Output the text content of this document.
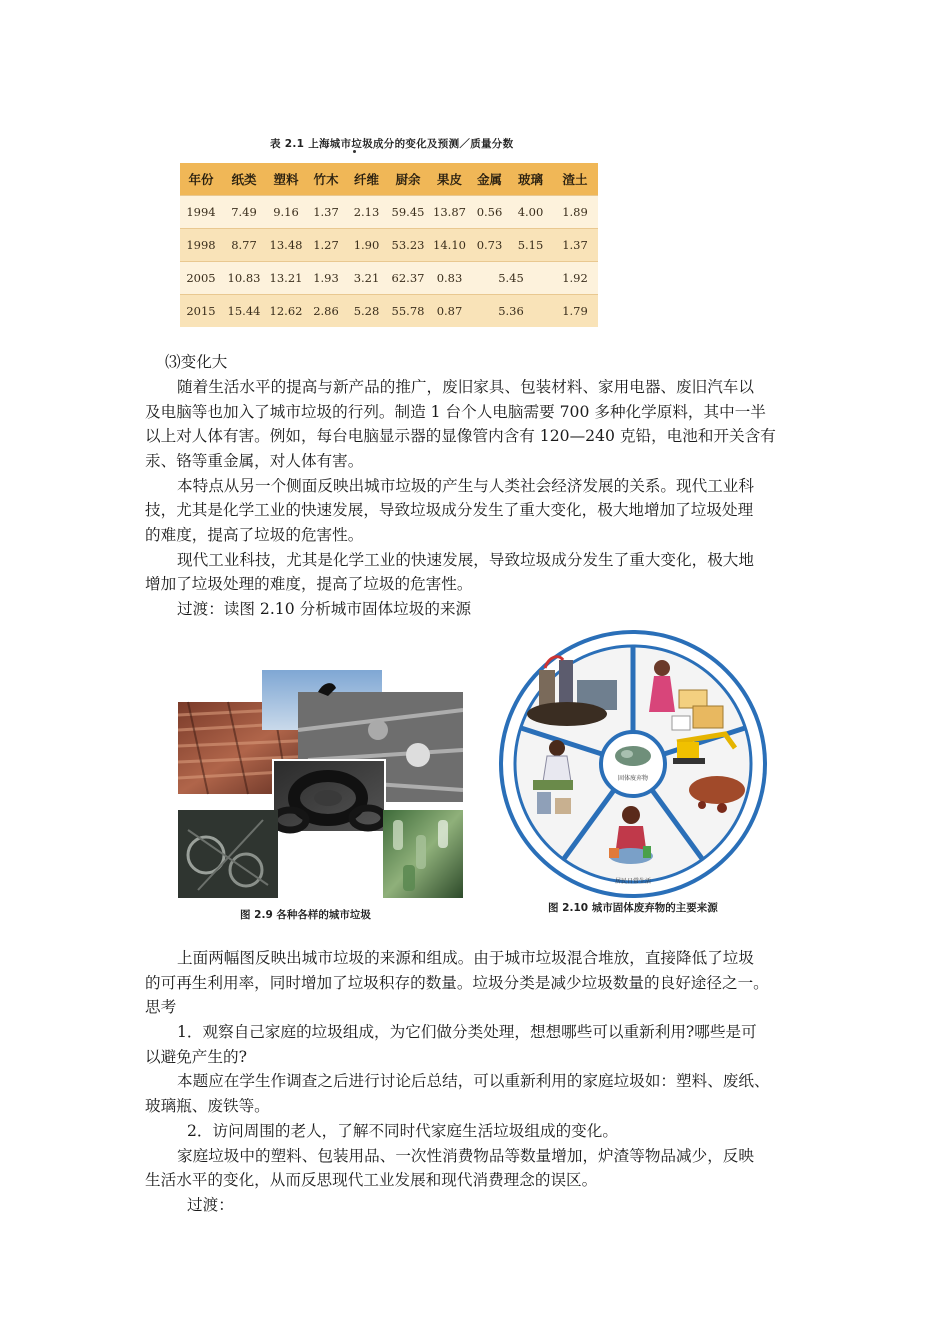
表 2.1 上海城市垃圾成分的变化及预测／质量分数
年份	纸类	塑料	竹木	纤维	厨余	果皮	金属	玻璃	渣土
1994	7.49	9.16	1.37	2.13	59.45	13.87	0.56	4.00	1.89
1998	8.77	13.48	1.27	1.90	53.23	14.10	0.73	5.15	1.37
2005	10.83	13.21	1.93	3.21	62.37	0.83	5.45		1.92
2015	15.44	12.62	2.86	5.28	55.78	0.87	5.36		1.79
⑶变化大
随着生活水平的提高与新产品的推广，废旧家具、包装材料、家用电器、废旧汽车以
及电脑等也加入了城市垃圾的行列。制造 1 台个人电脑需要 700 多种化学原料，其中一半
以上对人体有害。例如，每台电脑显示器的显像管内含有 120—240 克铅，电池和开关含有
汞、铬等重金属，对人体有害。
本特点从另一个侧面反映出城市垃圾的产生与人类社会经济发展的关系。现代工业科
技，尤其是化学工业的快速发展，导致垃圾成分发生了重大变化，极大地增加了垃圾处理
的难度，提高了垃圾的危害性。
现代工业科技，尤其是化学工业的快速发展，导致垃圾成分发生了重大变化，极大地
增加了垃圾处理的难度，提高了垃圾的危害性。
过渡：读图 2.10 分析城市固体垃圾的来源
图 2.9 各种各样的城市垃圾
固体废弃物
居民日常生活
图 2.10 城市固体废弃物的主要来源
上面两幅图反映出城市垃圾的来源和组成。由于城市垃圾混合堆放，直接降低了垃圾
的可再生利用率，同时增加了垃圾积存的数量。垃圾分类是减少垃圾数量的良好途径之一。
思考
1．观察自己家庭的垃圾组成，为它们做分类处理，想想哪些可以重新利用?哪些是可
以避免产生的?
本题应在学生作调查之后进行讨论后总结，可以重新利用的家庭垃圾如：塑料、废纸、
玻璃瓶、废铁等。
2．访问周围的老人，了解不同时代家庭生活垃圾组成的变化。
家庭垃圾中的塑料、包装用品、一次性消费物品等数量增加，炉渣等物品减少，反映
生活水平的变化，从而反思现代工业发展和现代消费理念的误区。
过渡：
